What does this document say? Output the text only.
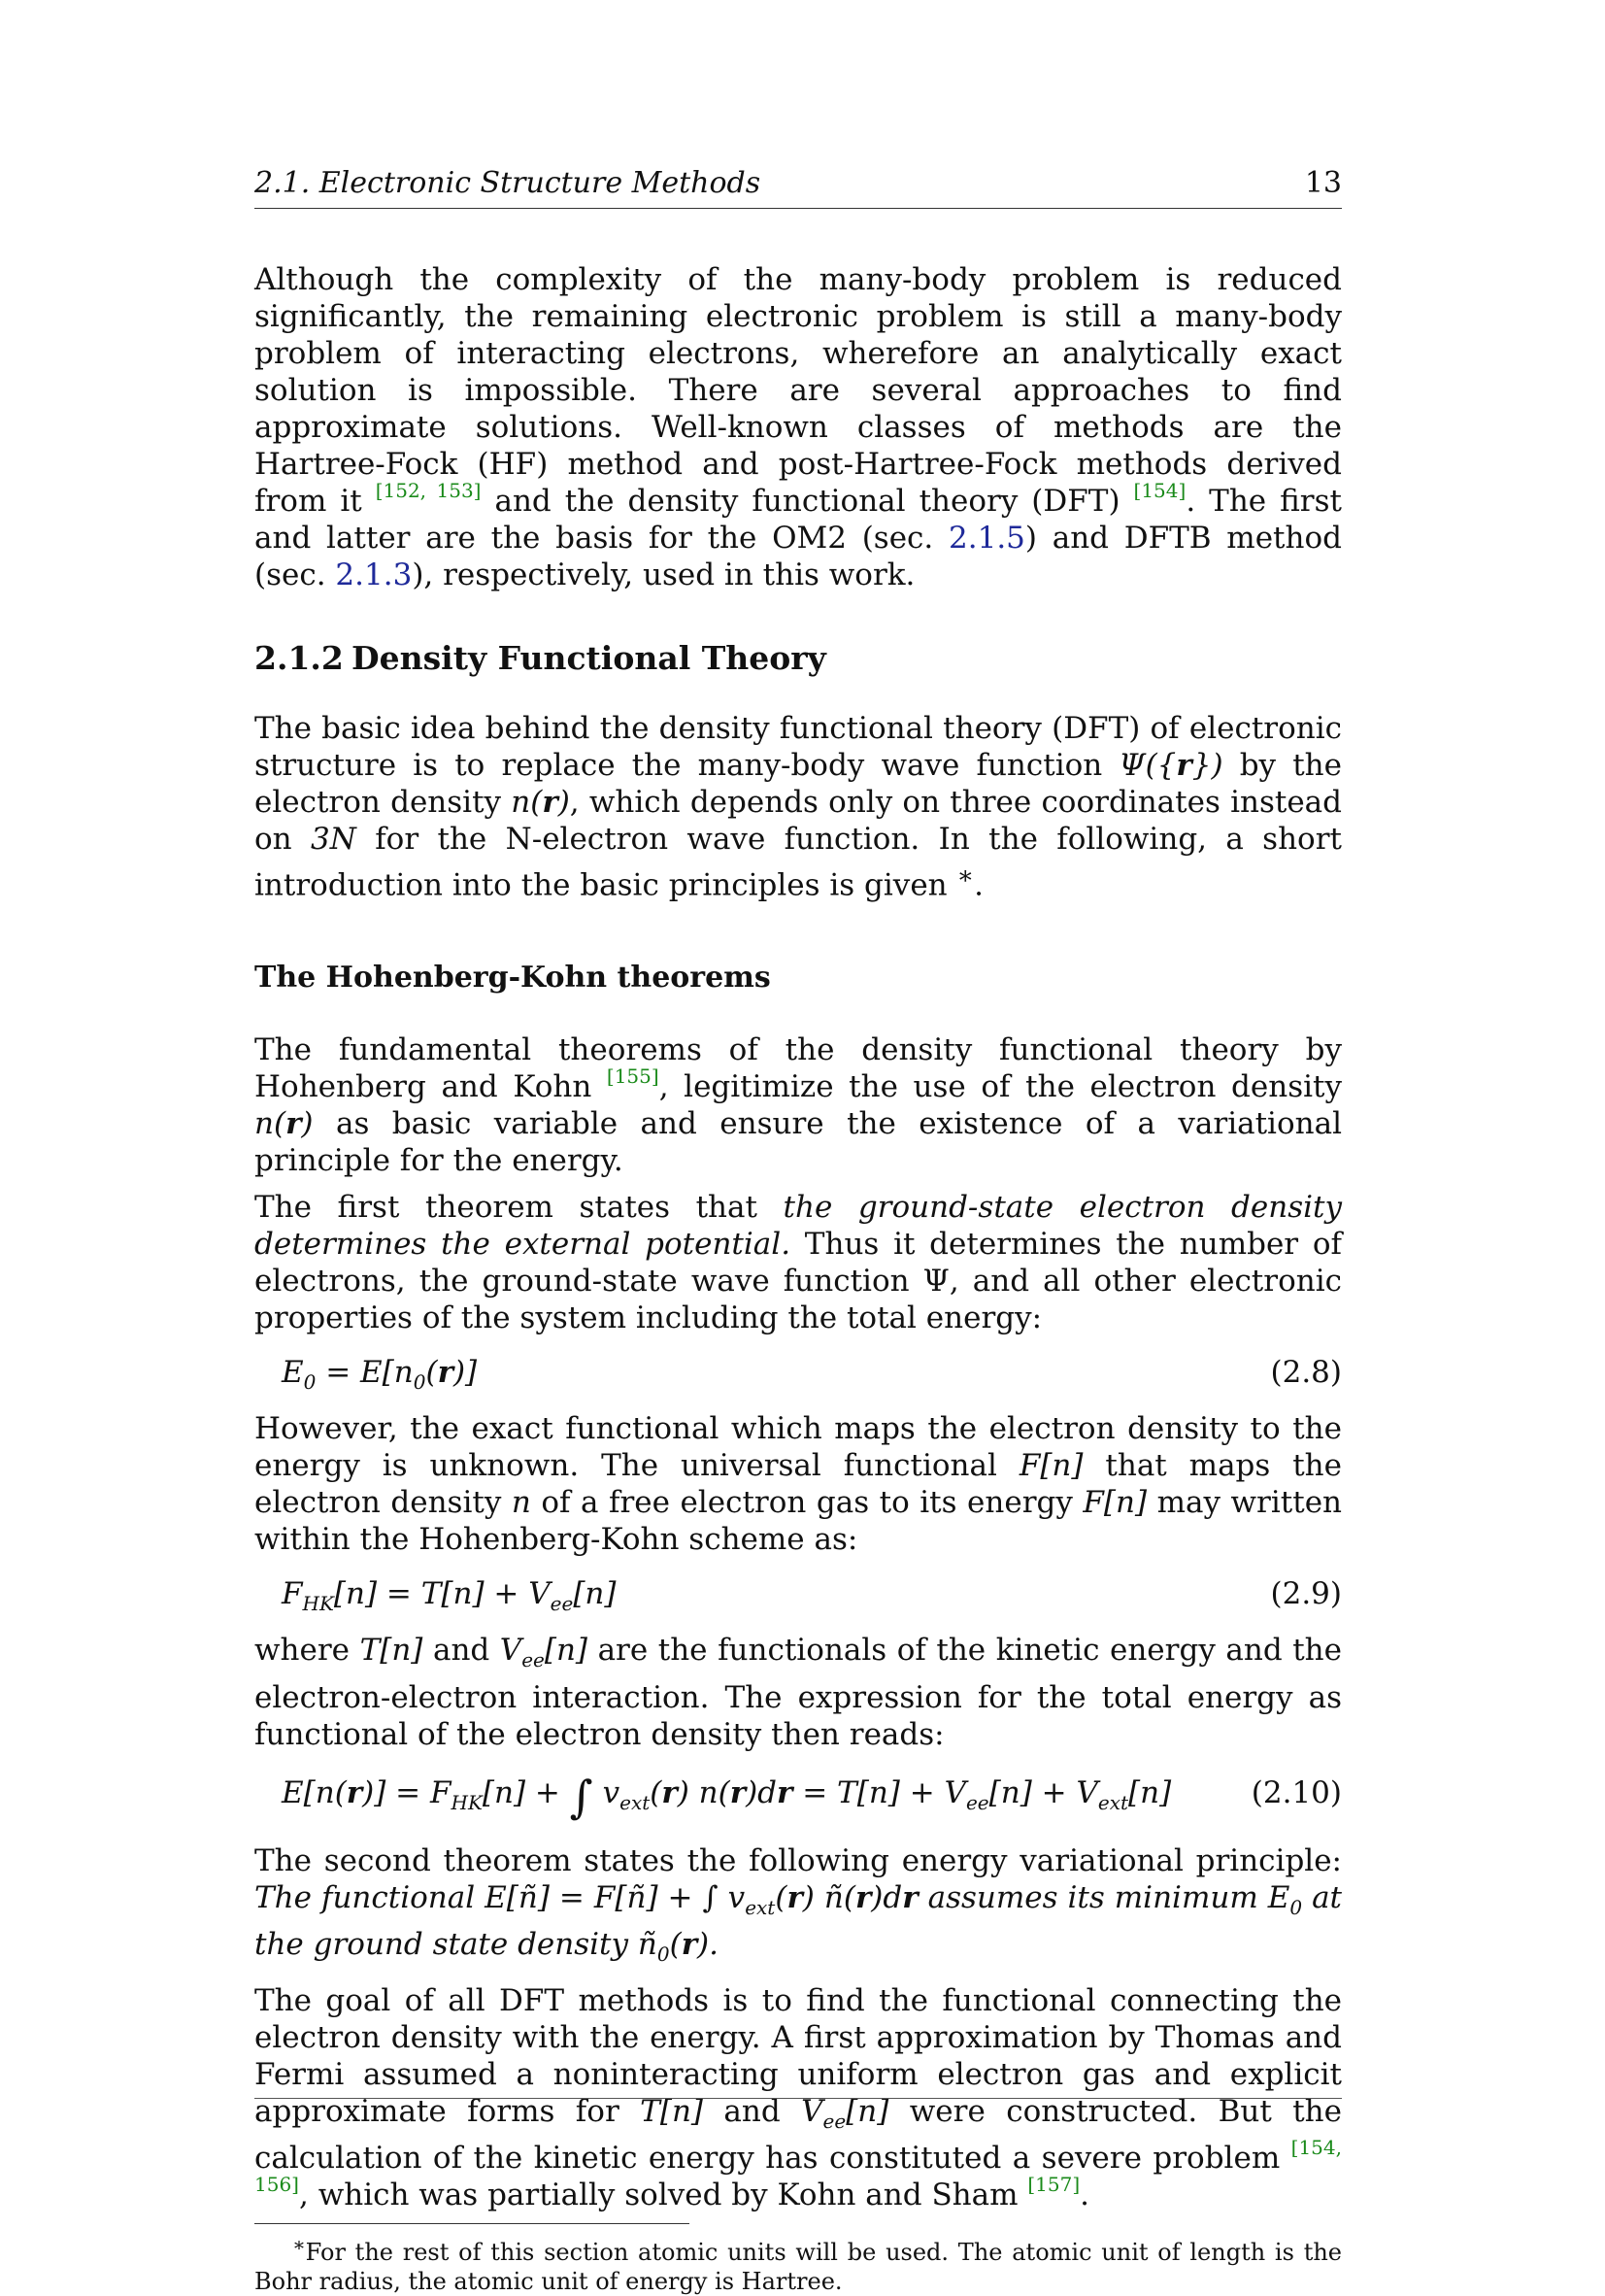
2.1. Electronic Structure Methods	13

Although the complexity of the many-body problem is reduced significantly, the remaining electronic problem is still a many-body problem of interacting electrons, wherefore an analytically exact solution is impossible. There are several approaches to find approximate solutions. Well-known classes of methods are the Hartree-Fock (HF) method and post-Hartree-Fock methods derived from it [152, 153] and the density functional theory (DFT) [154]. The first and latter are the basis for the OM2 (sec. 2.1.5) and DFTB method (sec. 2.1.3), respectively, used in this work.

2.1.2 Density Functional Theory

The basic idea behind the density functional theory (DFT) of electronic structure is to replace the many-body wave function Ψ({r}) by the electron density n(r), which depends only on three coordinates instead on 3N for the N-electron wave function. In the following, a short introduction into the basic principles is given ∗.

The Hohenberg-Kohn theorems

The fundamental theorems of the density functional theory by Hohenberg and Kohn [155], legitimize the use of the electron density n(r) as basic variable and ensure the existence of a variational principle for the energy.

The first theorem states that the ground-state electron density determines the external potential. Thus it determines the number of electrons, the ground-state wave function Ψ, and all other electronic properties of the system including the total energy:

$E_0 = E[n_0(r)]$	(2.8)

However, the exact functional which maps the electron density to the energy is unknown. The universal functional F[n] that maps the electron density n of a free electron gas to its energy F[n] may written within the Hohenberg-Kohn scheme as:

$F_{HK}[n] = T[n] + V_{ee}[n]$	(2.9)

where T[n] and $V_{ee}[n]$ are the functionals of the kinetic energy and the electron-electron interaction. The expression for the total energy as functional of the electron density then reads:

$E[n(r)] = F_{HK}[n]$ + ∫ $v_{ext}(r) n(r)dr = T[n] + V_{ee}[n] + V_{ext}[n]$	(2.10)

The second theorem states the following energy variational principle: The functional E[ñ] = F[ñ] + ∫ $v_{ext}(r)$ ñ(r)dr assumes its minimum $E_0$ at the ground state density $ñ_0(r)$.

The goal of all DFT methods is to find the functional connecting the electron density with the energy. A first approximation by Thomas and Fermi assumed a noninteracting uniform electron gas and explicit approximate forms for T[n] and $V_{ee}[n]$ were constructed. But the calculation of the kinetic energy has constituted a severe problem [154, 156], which was partially solved by Kohn and Sham [157].

∗For the rest of this section atomic units will be used. The atomic unit of length is the Bohr radius, the atomic unit of energy is Hartree.
